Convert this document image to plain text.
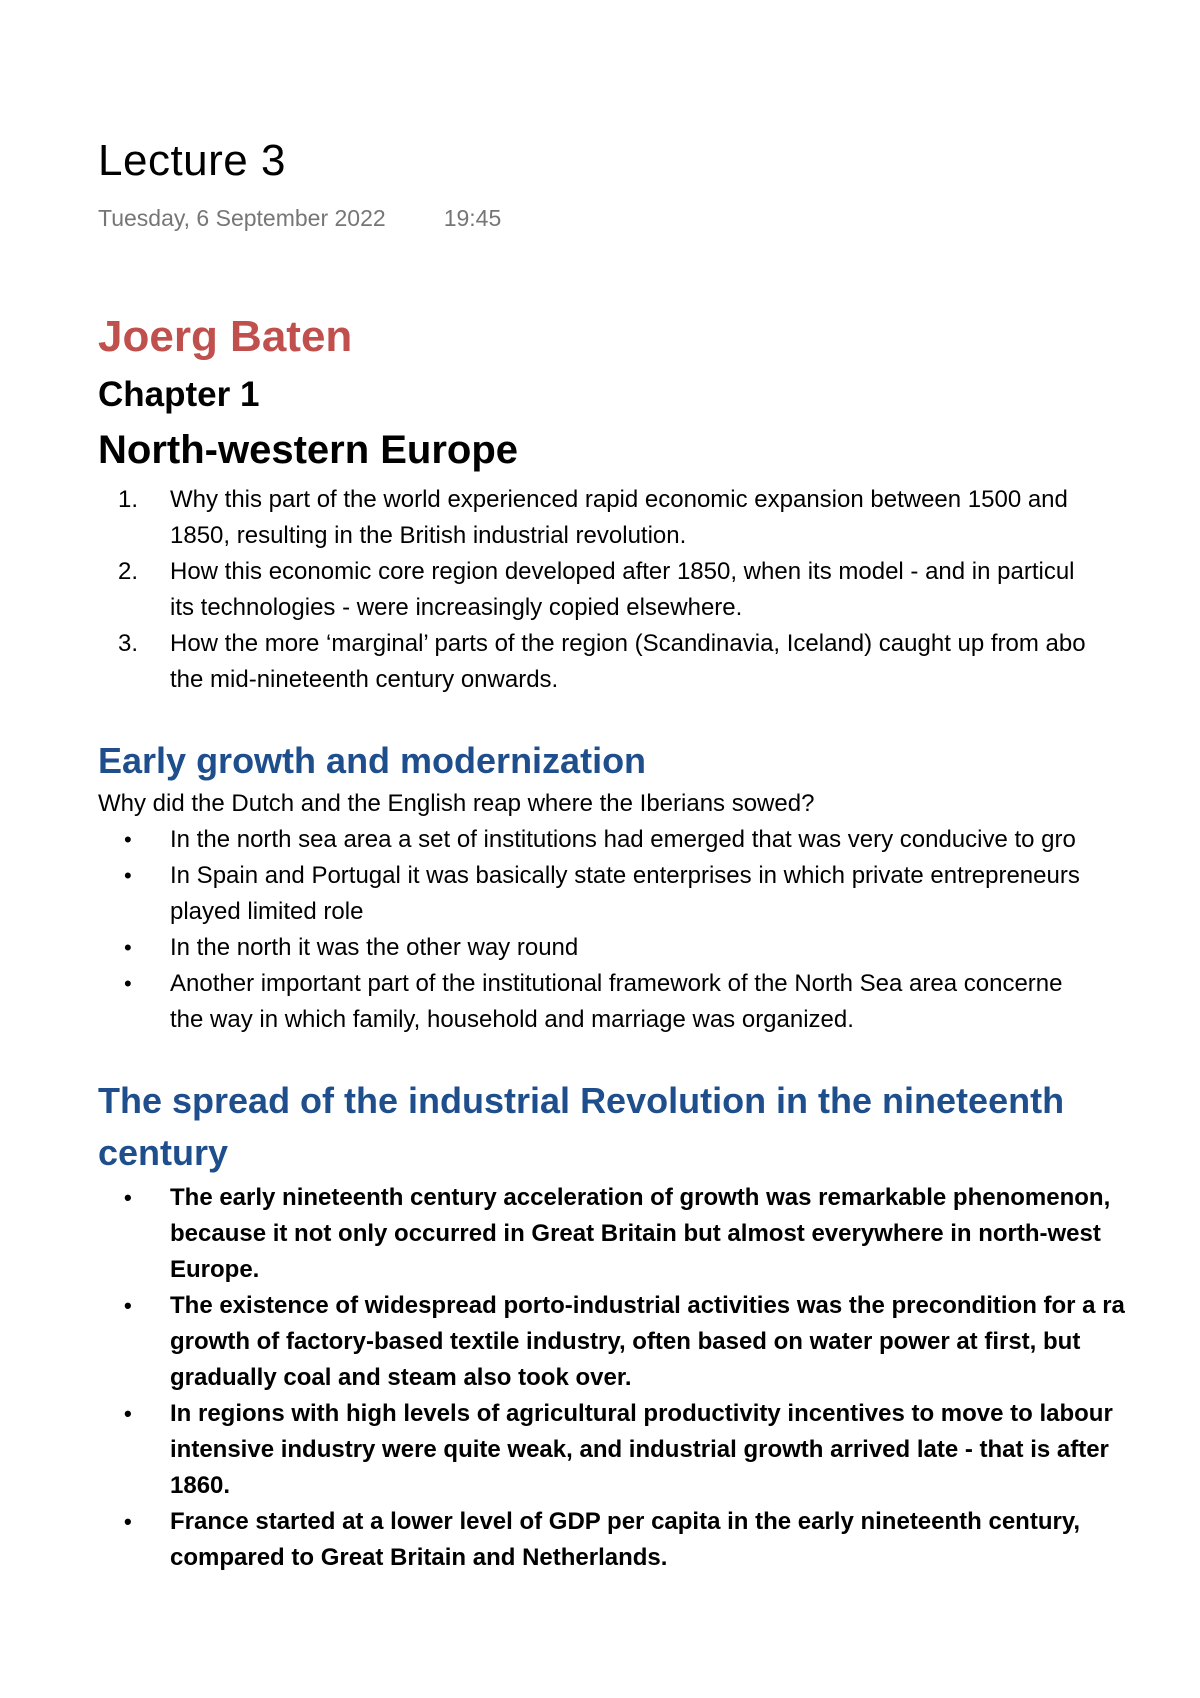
Lecture 3
Tuesday, 6 September 2022	19:45
Joerg Baten
Chapter 1
North-western Europe
1. Why this part of the world experienced rapid economic expansion between 1500 and
1850, resulting in the British industrial revolution.
2. How this economic core region developed after 1850, when its model - and in particul
its technologies - were increasingly copied elsewhere.
3. How the more ‘marginal’ parts of the region (Scandinavia, Iceland) caught up from abo
the mid-nineteenth century onwards.
Early growth and modernization
Why did the Dutch and the English reap where the Iberians sowed?
• In the north sea area a set of institutions had emerged that was very conducive to gro
• In Spain and Portugal it was basically state enterprises in which private entrepreneurs
played limited role
• In the north it was the other way round
• Another important part of the institutional framework of the North Sea area concerne
the way in which family, household and marriage was organized.
The spread of the industrial Revolution in the nineteenth
century
• The early nineteenth century acceleration of growth was remarkable phenomenon,
because it not only occurred in Great Britain but almost everywhere in north-west
Europe.
• The existence of widespread porto-industrial activities was the precondition for a ra
growth of factory-based textile industry, often based on water power at first, but
gradually coal and steam also took over.
• In regions with high levels of agricultural productivity incentives to move to labour
intensive industry were quite weak, and industrial growth arrived late - that is after
1860.
• France started at a lower level of GDP per capita in the early nineteenth century,
compared to Great Britain and Netherlands.
